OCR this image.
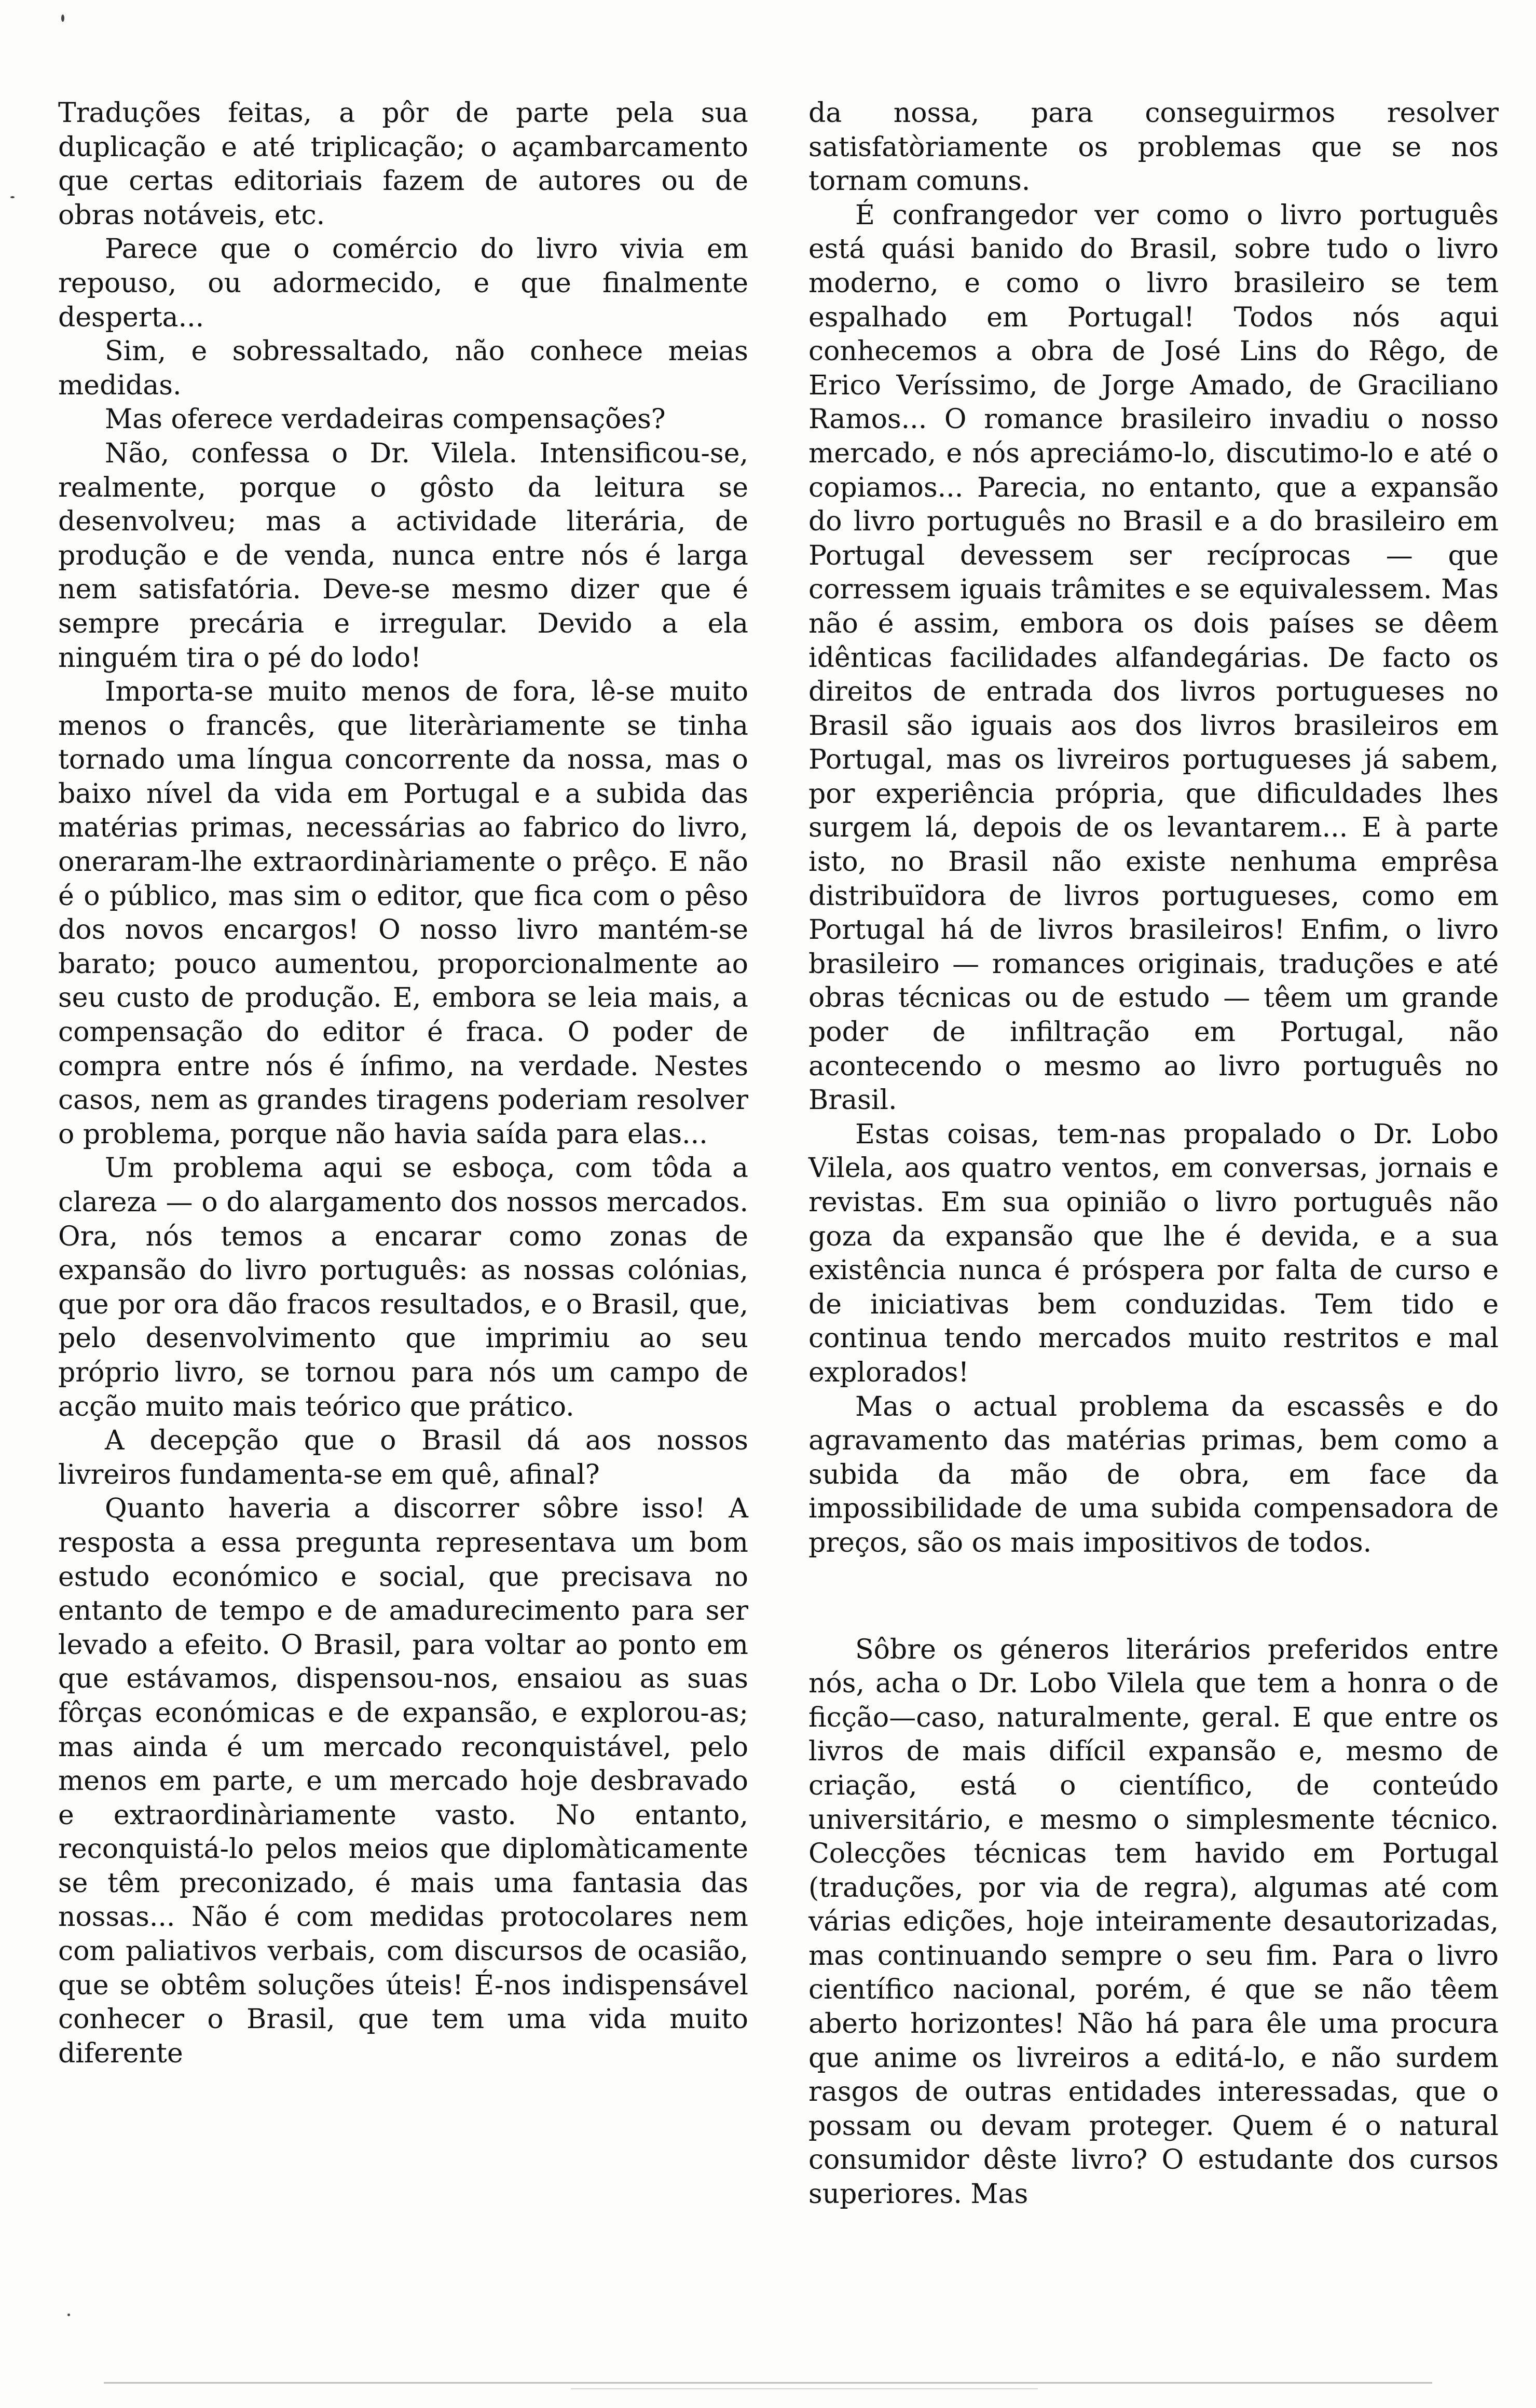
Traduções feitas, a pôr de parte pela sua duplicação e até triplicação; o açambarcamento que certas editoriais fazem de autores ou de obras notáveis, etc.

Parece que o comércio do livro vivia em repouso, ou adormecido, e que finalmente desperta...

Sim, e sobressaltado, não conhece meias medidas.

Mas oferece verdadeiras compensações?

Não, confessa o Dr. Vilela. Intensificou-se, realmente, porque o gôsto da leitura se desenvolveu; mas a actividade literária, de produção e de venda, nunca entre nós é larga nem satisfatória. Deve-se mesmo dizer que é sempre precária e irregular. Devido a ela ninguém tira o pé do lodo!

Importa-se muito menos de fora, lê-se muito menos o francês, que literàriamente se tinha tornado uma língua concorrente da nossa, mas o baixo nível da vida em Portugal e a subida das matérias primas, necessárias ao fabrico do livro, oneraram-lhe extraordinàriamente o prêço. E não é o público, mas sim o editor, que fica com o pêso dos novos encargos! O nosso livro mantém-se barato; pouco aumentou, proporcionalmente ao seu custo de produção. E, embora se leia mais, a compensação do editor é fraca. O poder de compra entre nós é ínfimo, na verdade. Nestes casos, nem as grandes tiragens poderiam resolver o problema, porque não havia saída para elas...

Um problema aqui se esboça, com tôda a clareza — o do alargamento dos nossos mercados. Ora, nós temos a encarar como zonas de expansão do livro português: as nossas colónias, que por ora dão fracos resultados, e o Brasil, que, pelo desenvolvimento que imprimiu ao seu próprio livro, se tornou para nós um campo de acção muito mais teórico que prático.

A decepção que o Brasil dá aos nossos livreiros fundamenta-se em quê, afinal?

Quanto haveria a discorrer sôbre isso! A resposta a essa pregunta representava um bom estudo económico e social, que precisava no entanto de tempo e de amadurecimento para ser levado a efeito. O Brasil, para voltar ao ponto em que estávamos, dispensou-nos, ensaiou as suas fôrças económicas e de expansão, e explorou-as; mas ainda é um mercado reconquistável, pelo menos em parte, e um mercado hoje desbravado e extraordinàriamente vasto. No entanto, reconquistá-lo pelos meios que diplomàticamente se têm preconizado, é mais uma fantasia das nossas... Não é com medidas protocolares nem com paliativos verbais, com discursos de ocasião, que se obtêm soluções úteis! É-nos indispensável conhecer o Brasil, que tem uma vida muito diferente

da nossa, para conseguirmos resolver satisfatòriamente os problemas que se nos tornam comuns.

É confrangedor ver como o livro português está quási banido do Brasil, sobre tudo o livro moderno, e como o livro brasileiro se tem espalhado em Portugal! Todos nós aqui conhecemos a obra de José Lins do Rêgo, de Erico Veríssimo, de Jorge Amado, de Graciliano Ramos... O romance brasileiro invadiu o nosso mercado, e nós apreciámo-lo, discutimo-lo e até o copiamos... Parecia, no entanto, que a expansão do livro português no Brasil e a do brasileiro em Portugal devessem ser recíprocas — que corressem iguais trâmites e se equivalessem. Mas não é assim, embora os dois países se dêem idênticas facilidades alfandegárias. De facto os direitos de entrada dos livros portugueses no Brasil são iguais aos dos livros brasileiros em Portugal, mas os livreiros portugueses já sabem, por experiência própria, que dificuldades lhes surgem lá, depois de os levantarem... E à parte isto, no Brasil não existe nenhuma emprêsa distribuïdora de livros portugueses, como em Portugal há de livros brasileiros! Enfim, o livro brasileiro — romances originais, traduções e até obras técnicas ou de estudo — têem um grande poder de infiltração em Portugal, não acontecendo o mesmo ao livro português no Brasil.

Estas coisas, tem-nas propalado o Dr. Lobo Vilela, aos quatro ventos, em conversas, jornais e revistas. Em sua opinião o livro português não goza da expansão que lhe é devida, e a sua existência nunca é próspera por falta de curso e de iniciativas bem conduzidas. Tem tido e continua tendo mercados muito restritos e mal explorados!

Mas o actual problema da escassês e do agravamento das matérias primas, bem como a subida da mão de obra, em face da impossibilidade de uma subida compensadora de preços, são os mais impositivos de todos.

Sôbre os géneros literários preferidos entre nós, acha o Dr. Lobo Vilela que tem a honra o de ficção—caso, naturalmente, geral. E que entre os livros de mais difícil expansão e, mesmo de criação, está o científico, de conteúdo universitário, e mesmo o simplesmente técnico. Colecções técnicas tem havido em Portugal (traduções, por via de regra), algumas até com várias edições, hoje inteiramente desautorizadas, mas continuando sempre o seu fim. Para o livro científico nacional, porém, é que se não têem aberto horizontes! Não há para êle uma procura que anime os livreiros a editá-lo, e não surdem rasgos de outras entidades interessadas, que o possam ou devam proteger. Quem é o natural consumidor dêste livro? O estudante dos cursos superiores. Mas
